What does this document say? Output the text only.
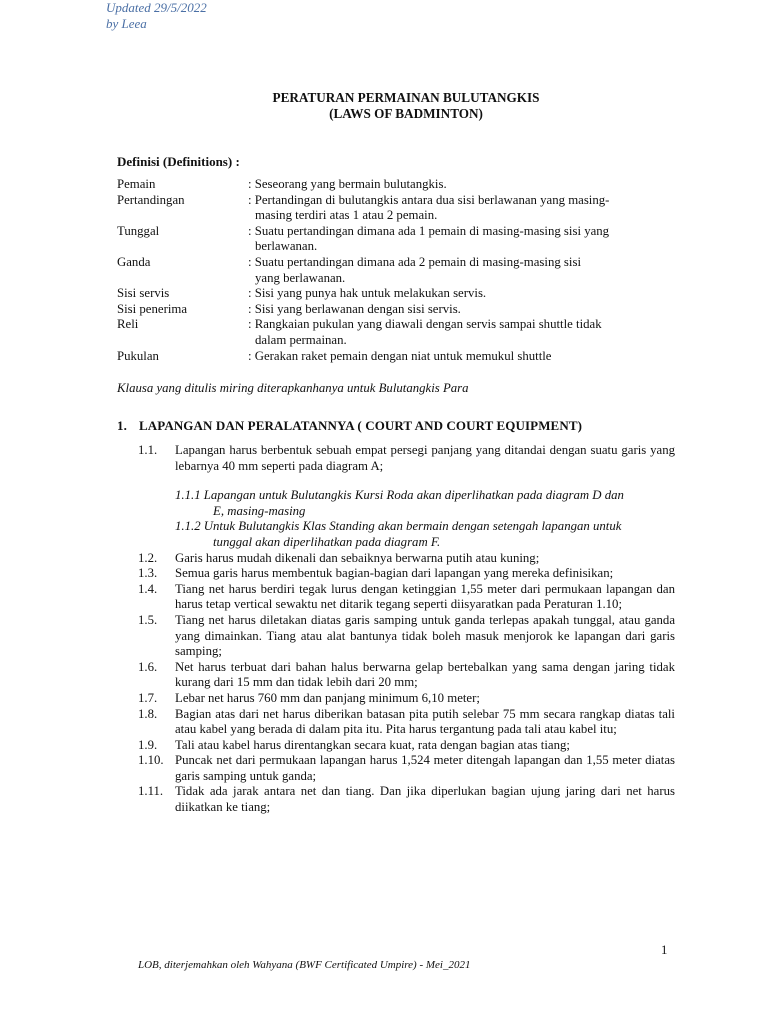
Updated 29/5/2022
by Leea
PERATURAN PERMAINAN BULUTANGKIS
(LAWS OF BADMINTON)
Definisi (Definitions) :
Pemain	: Seseorang yang bermain bulutangkis.
Pertandingan	: Pertandingan di bulutangkis antara dua sisi berlawanan yang masing-
masing terdiri atas 1 atau 2 pemain.
Tunggal	: Suatu pertandingan dimana ada 1 pemain di masing-masing sisi yang
berlawanan.
Ganda	: Suatu pertandingan dimana ada 2 pemain di masing-masing sisi
yang berlawanan.
Sisi servis	: Sisi yang punya hak untuk melakukan servis.
Sisi penerima	: Sisi yang berlawanan dengan sisi servis.
Reli	: Rangkaian pukulan yang diawali dengan servis sampai shuttle tidak
dalam permainan.
Pukulan	: Gerakan raket pemain dengan niat untuk memukul shuttle
Klausa yang ditulis miring diterapkanhanya untuk Bulutangkis Para
1. LAPANGAN DAN PERALATANNYA ( COURT AND COURT EQUIPMENT)
1.1.	Lapangan harus berbentuk sebuah empat persegi panjang yang ditandai dengan suatu garis yang lebarnya 40 mm seperti pada diagram A;
1.1.1 Lapangan untuk Bulutangkis Kursi Roda akan diperlihatkan pada diagram D dan
E, masing-masing
1.1.2 Untuk Bulutangkis Klas Standing akan bermain dengan setengah lapangan untuk
tunggal akan diperlihatkan pada diagram F.
1.2.	Garis harus mudah dikenali dan sebaiknya berwarna putih atau kuning;
1.3.	Semua garis harus membentuk bagian-bagian dari lapangan yang mereka definisikan;
1.4.	Tiang net harus berdiri tegak lurus dengan ketinggian 1,55 meter dari permukaan lapangan dan harus tetap vertical sewaktu net ditarik tegang seperti diisyaratkan pada Peraturan 1.10;
1.5.	Tiang net harus diletakan diatas garis samping untuk ganda terlepas apakah tunggal, atau ganda yang dimainkan. Tiang atau alat bantunya tidak boleh masuk menjorok ke lapangan dari garis samping;
1.6.	Net harus terbuat dari bahan halus berwarna gelap bertebalkan yang sama dengan jaring tidak kurang dari 15 mm dan tidak lebih dari 20 mm;
1.7.	Lebar net harus 760 mm dan panjang minimum 6,10 meter;
1.8.	Bagian atas dari net harus diberikan batasan pita putih selebar 75 mm secara rangkap diatas tali atau kabel yang berada di dalam pita itu. Pita harus tergantung pada tali atau kabel itu;
1.9.	Tali atau kabel harus direntangkan secara kuat, rata dengan bagian atas tiang;
1.10. Puncak net dari permukaan lapangan harus 1,524 meter ditengah lapangan dan 1,55 meter diatas garis samping untuk ganda;
1.11. Tidak ada jarak antara net dan tiang. Dan jika diperlukan bagian ujung jaring dari net harus diikatkan ke tiang;
1
LOB, diterjemahkan oleh Wahyana (BWF Certificated Umpire) - Mei_2021
